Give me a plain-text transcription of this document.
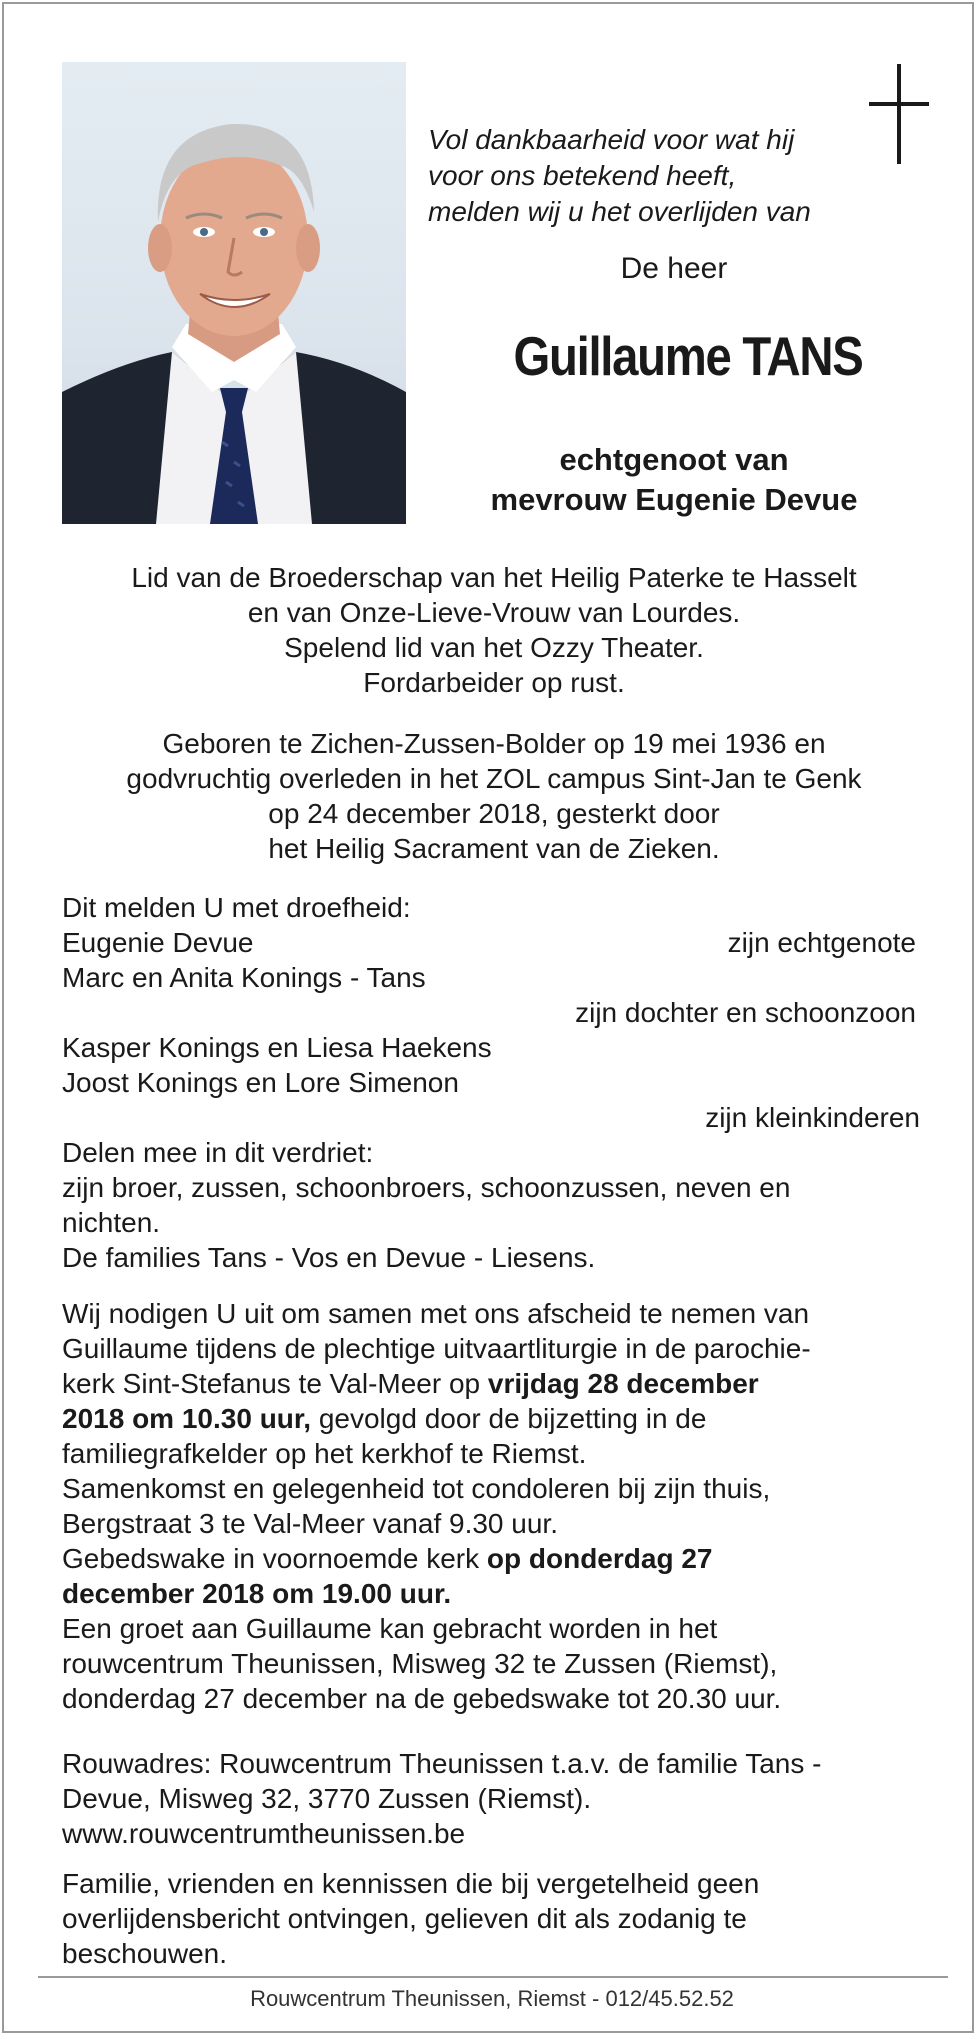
Vol dankbaarheid voor wat hij
voor ons betekend heeft,
melden wij u het overlijden van
De heer
Guillaume TANS
echtgenoot van
mevrouw Eugenie Devue
Lid van de Broederschap van het Heilig Paterke te Hasselt
en van Onze-Lieve-Vrouw van Lourdes.
Spelend lid van het Ozzy Theater.
Fordarbeider op rust.
Geboren te Zichen-Zussen-Bolder op 19 mei 1936 en
godvruchtig overleden in het ZOL campus Sint-Jan te Genk
op 24 december 2018, gesterkt door
het Heilig Sacrament van de Zieken.
Dit melden U met droefheid:
Eugenie Devue	zijn echtgenote
Marc en Anita Konings - Tans
zijn dochter en schoonzoon
Kasper Konings en Liesa Haekens
Joost Konings en Lore Simenon
zijn kleinkinderen
Delen mee in dit verdriet:
zijn broer, zussen, schoonbroers, schoonzussen, neven en
nichten.
De families Tans - Vos en Devue - Liesens.
Wij nodigen U uit om samen met ons afscheid te nemen van
Guillaume tijdens de plechtige uitvaartliturgie in de parochie-
kerk Sint-Stefanus te Val-Meer op vrijdag 28 december
2018 om 10.30 uur, gevolgd door de bijzetting in de
familiegrafkelder op het kerkhof te Riemst.
Samenkomst en gelegenheid tot condoleren bij zijn thuis,
Bergstraat 3 te Val-Meer vanaf 9.30 uur.
Gebedswake in voornoemde kerk op donderdag 27
december 2018 om 19.00 uur.
Een groet aan Guillaume kan gebracht worden in het
rouwcentrum Theunissen, Misweg 32 te Zussen (Riemst),
donderdag 27 december na de gebedswake tot 20.30 uur.
Rouwadres: Rouwcentrum Theunissen t.a.v. de familie Tans -
Devue, Misweg 32, 3770 Zussen (Riemst).
www.rouwcentrumtheunissen.be
Familie, vrienden en kennissen die bij vergetelheid geen
overlijdensbericht ontvingen, gelieven dit als zodanig te
beschouwen.
Rouwcentrum Theunissen, Riemst - 012/45.52.52
